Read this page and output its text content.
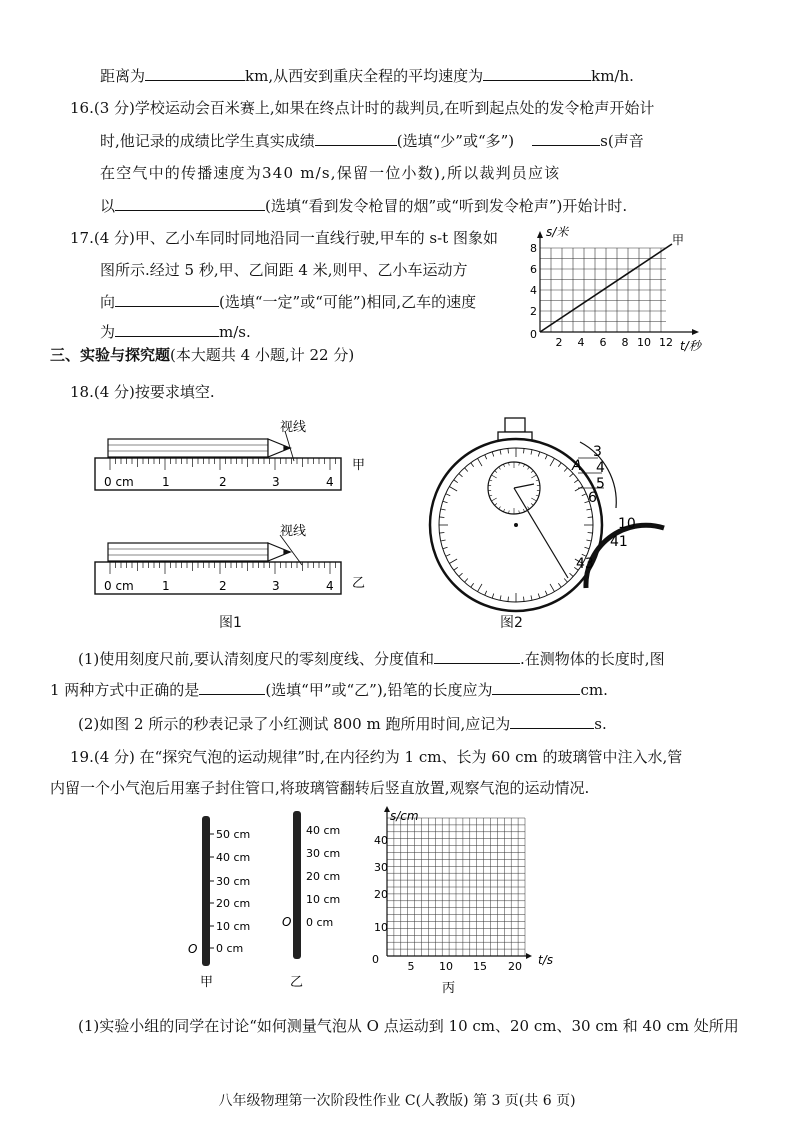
距离为	km,从西安到重庆全程的平均速度为	km/h.
16.(3 分)学校运动会百米赛上,如果在终点计时的裁判员,在听到起点处的发令枪声开始计
时,他记录的成绩比学生真实成绩	(选填“少”或“多”)	s(声音
在空气中的传播速度为340 m/s,保留一位小数),所以裁判员应该
以	(选填“看到发令枪冒的烟”或“听到发令枪声”)开始计时.
17.(4 分)甲、乙小车同时同地沿同一直线行驶,甲车的 s-t 图象如
图所示.经过 5 秒,甲、乙间距 4 米,则甲、乙小车运动方
向	(选填“一定”或“可能”)相同,乙车的速度
为	m/s.
甲
s/米
t/秒
0
2 4 6 8 10 12
2
4
6
8
三、实验与探究题(本大题共 4 小题,计 22 分)
18.(4 分)按要求填空.
0 cm 1	2	3	4
视线
甲
0 cm 1	2	3	4
视线
乙
图1
3
4
5
6
A
10
41
43
图2
(1)使用刻度尺前,要认清刻度尺的零刻度线、分度值和	.在测物体的长度时,图
1 两种方式中正确的是	(选填“甲”或“乙”),铅笔的长度应为	cm.
(2)如图 2 所示的秒表记录了小红测试 800 m 跑所用时间,应记为	s.
19.(4 分) 在“探究气泡的运动规律”时,在内径约为 1 cm、长为 60 cm 的玻璃管中注入水,管
内留一个小气泡后用塞子封住管口,将玻璃管翻转后竖直放置,观察气泡的运动情况.
50 cm
40 cm
30 cm
20 cm
10 cm
0 cm
O
甲
40 cm
30 cm
20 cm
10 cm
0 cm
O
乙
s/cm
0
10
20
30
40
5 10 15 20 t/s
丙
(1)实验小组的同学在讨论“如何测量气泡从 O 点运动到 10 cm、20 cm、30 cm 和 40 cm 处所用
八年级物理第一次阶段性作业 C(人教版) 第 3 页(共 6 页)
